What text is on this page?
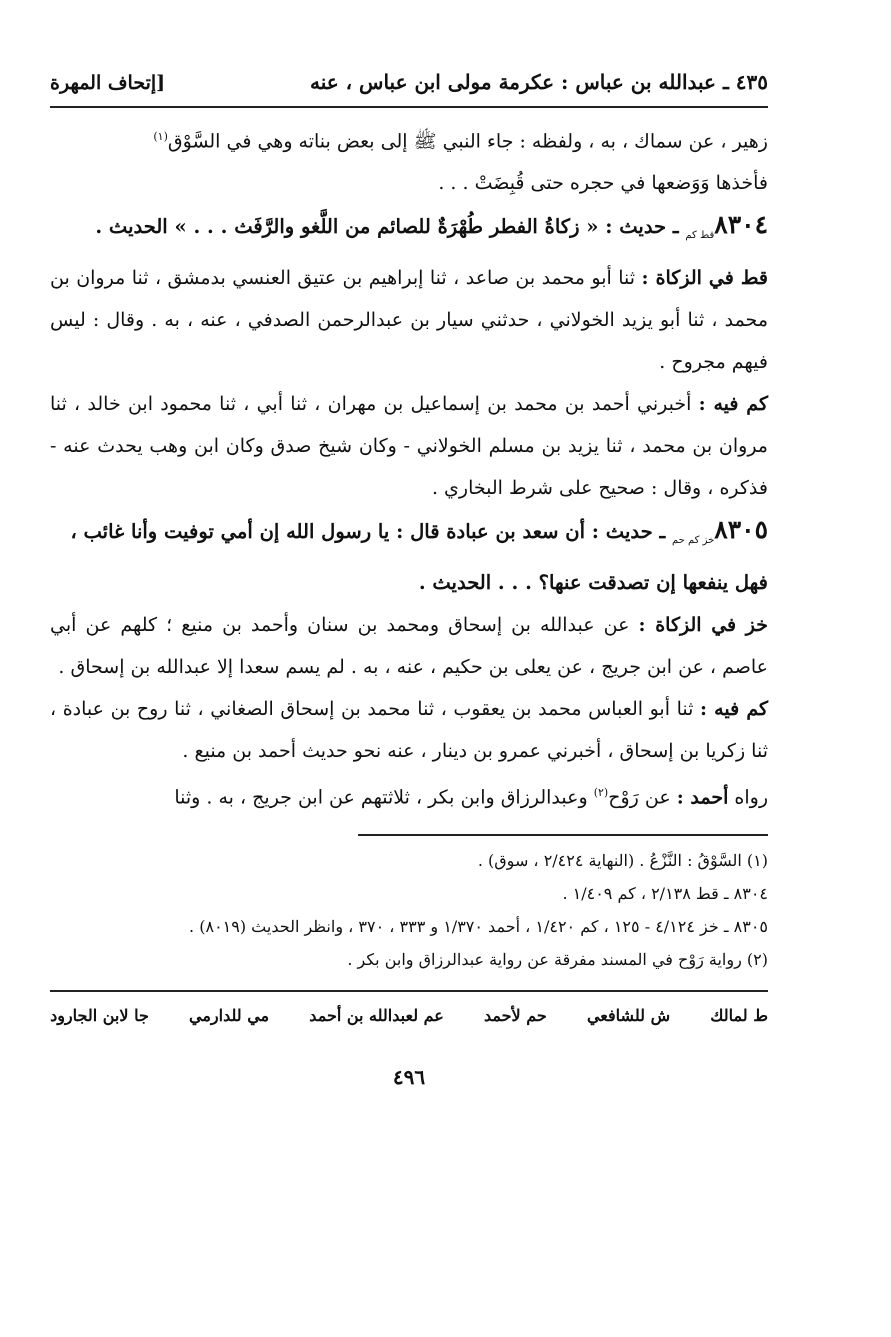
٤٣٥ ـ عبدالله بن عباس : عكرمة مولى ابن عباس ، عنه
[إتحاف المهرة

زهير ، عن سماك ، به ، ولفظه : جاء النبي ﷺ إلى بعض بناته وهي في السَّوْق$^{(١)}$
فأخذها وَوَضعها في حجره حتى قُبِضَتْ . . .

$٨٣٠٤_{قط كم}$ ـ حديث : « زكاةُ الفطر طُهْرَةٌ للصائم من اللَّغو والرَّفَث . . . » الحديث .

قط في الزكاة : ثنا أبو محمد بن صاعد ، ثنا إبراهيم بن عتيق العنسي بدمشق ، ثنا مروان بن محمد ، ثنا أبو يزيد الخولاني ، حدثني سيار بن عبدالرحمن الصدفي ، عنه ، به . وقال : ليس فيهم مجروح .

كم فيه : أخبرني أحمد بن محمد بن إسماعيل بن مهران ، ثنا أبي ، ثنا محمود ابن خالد ، ثنا مروان بن محمد ، ثنا يزيد بن مسلم الخولاني - وكان شيخ صدق وكان ابن وهب يحدث عنه - فذكره ، وقال : صحيح على شرط البخاري .

$٨٣٠٥_{خز كم حم}$ ـ حديث : أن سعد بن عبادة قال : يا رسول الله إن أمي توفيت وأنا غائب ، فهل ينفعها إن تصدقت عنها؟ . . . الحديث .

خز في الزكاة : عن عبدالله بن إسحاق ومحمد بن سنان وأحمد بن منيع ؛ كلهم عن أبي عاصم ، عن ابن جريج ، عن يعلى بن حكيم ، عنه ، به . لم يسم سعدا إلا عبدالله بن إسحاق .

كم فيه : ثنا أبو العباس محمد بن يعقوب ، ثنا محمد بن إسحاق الصغاني ، ثنا روح بن عبادة ، ثنا زكريا بن إسحاق ، أخبرني عمرو بن دينار ، عنه نحو حديث أحمد بن منيع .

رواه أحمد : عن رَوْح$^{(٢)}$ وعبدالرزاق وابن بكر ، ثلاثتهم عن ابن جريج ، به . وثنا

(١) السَّوْقُ : النَّزْعُ . (النهاية ٢/٤٢٤ ، سوق) .

٨٣٠٤ ـ قط ٢/١٣٨ ، كم ١/٤٠٩ .

٨٣٠٥ ـ خز ٤/١٢٤ - ١٢٥ ، كم ١/٤٢٠ ، أحمد ١/٣٧٠ و ٣٣٣ ، ٣٧٠ ، وانظر الحديث (٨٠١٩) .

(٢) رواية رَوْح في المسند مفرقة عن رواية عبدالرزاق وابن بكر .

ط لمالك
ش للشافعي
حم لأحمد
عم لعبدالله بن أحمد
مي للدارمي
جا لابن الجارود
٤٩٦
